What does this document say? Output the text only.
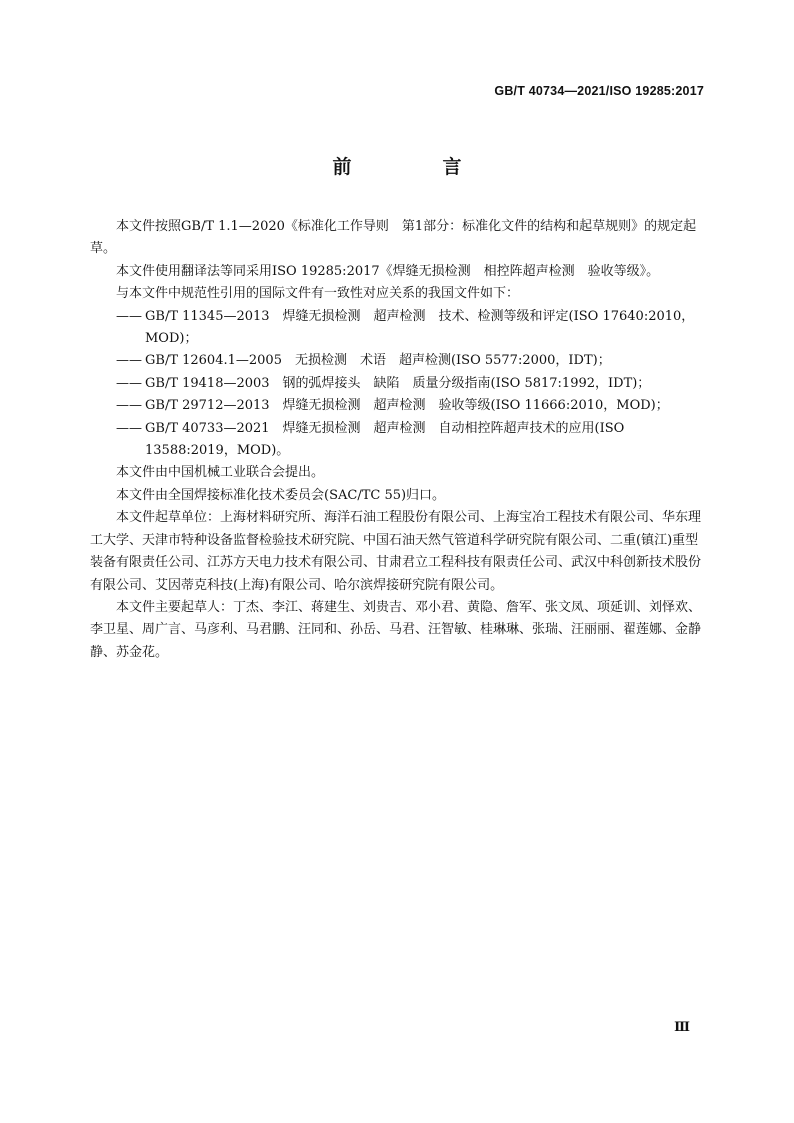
GB/T 40734—2021/ISO 19285:2017
前　言

本文件按照GB/T 1.1—2020《标准化工作导则　第1部分：标准化文件的结构和起草规则》的规定起草。

本文件使用翻译法等同采用ISO 19285:2017《焊缝无损检测　相控阵超声检测　验收等级》。

与本文件中规范性引用的国际文件有一致性对应关系的我国文件如下：

—— GB/T 11345—2013　焊缝无损检测　超声检测　技术、检测等级和评定(ISO 17640:2010，MOD)；

—— GB/T 12604.1—2005　无损检测　术语　超声检测(ISO 5577:2000，IDT)；

—— GB/T 19418—2003　钢的弧焊接头　缺陷　质量分级指南(ISO 5817:1992，IDT)；

—— GB/T 29712—2013　焊缝无损检测　超声检测　验收等级(ISO 11666:2010，MOD)；

—— GB/T 40733—2021　焊缝无损检测　超声检测　自动相控阵超声技术的应用(ISO 13588:2019，MOD)。

本文件由中国机械工业联合会提出。

本文件由全国焊接标准化技术委员会(SAC/TC 55)归口。

本文件起草单位：上海材料研究所、海洋石油工程股份有限公司、上海宝冶工程技术有限公司、华东理工大学、天津市特种设备监督检验技术研究院、中国石油天然气管道科学研究院有限公司、二重(镇江)重型装备有限责任公司、江苏方天电力技术有限公司、甘肃君立工程科技有限责任公司、武汉中科创新技术股份有限公司、艾因蒂克科技(上海)有限公司、哈尔滨焊接研究院有限公司。

本文件主要起草人：丁杰、李江、蒋建生、刘贵吉、邓小君、黄隐、詹军、张文凤、项延训、刘怿欢、李卫星、周广言、马彦利、马君鹏、汪同和、孙岳、马君、汪智敏、桂琳琳、张瑞、汪丽丽、翟莲娜、金静静、苏金花。

Ⅲ
